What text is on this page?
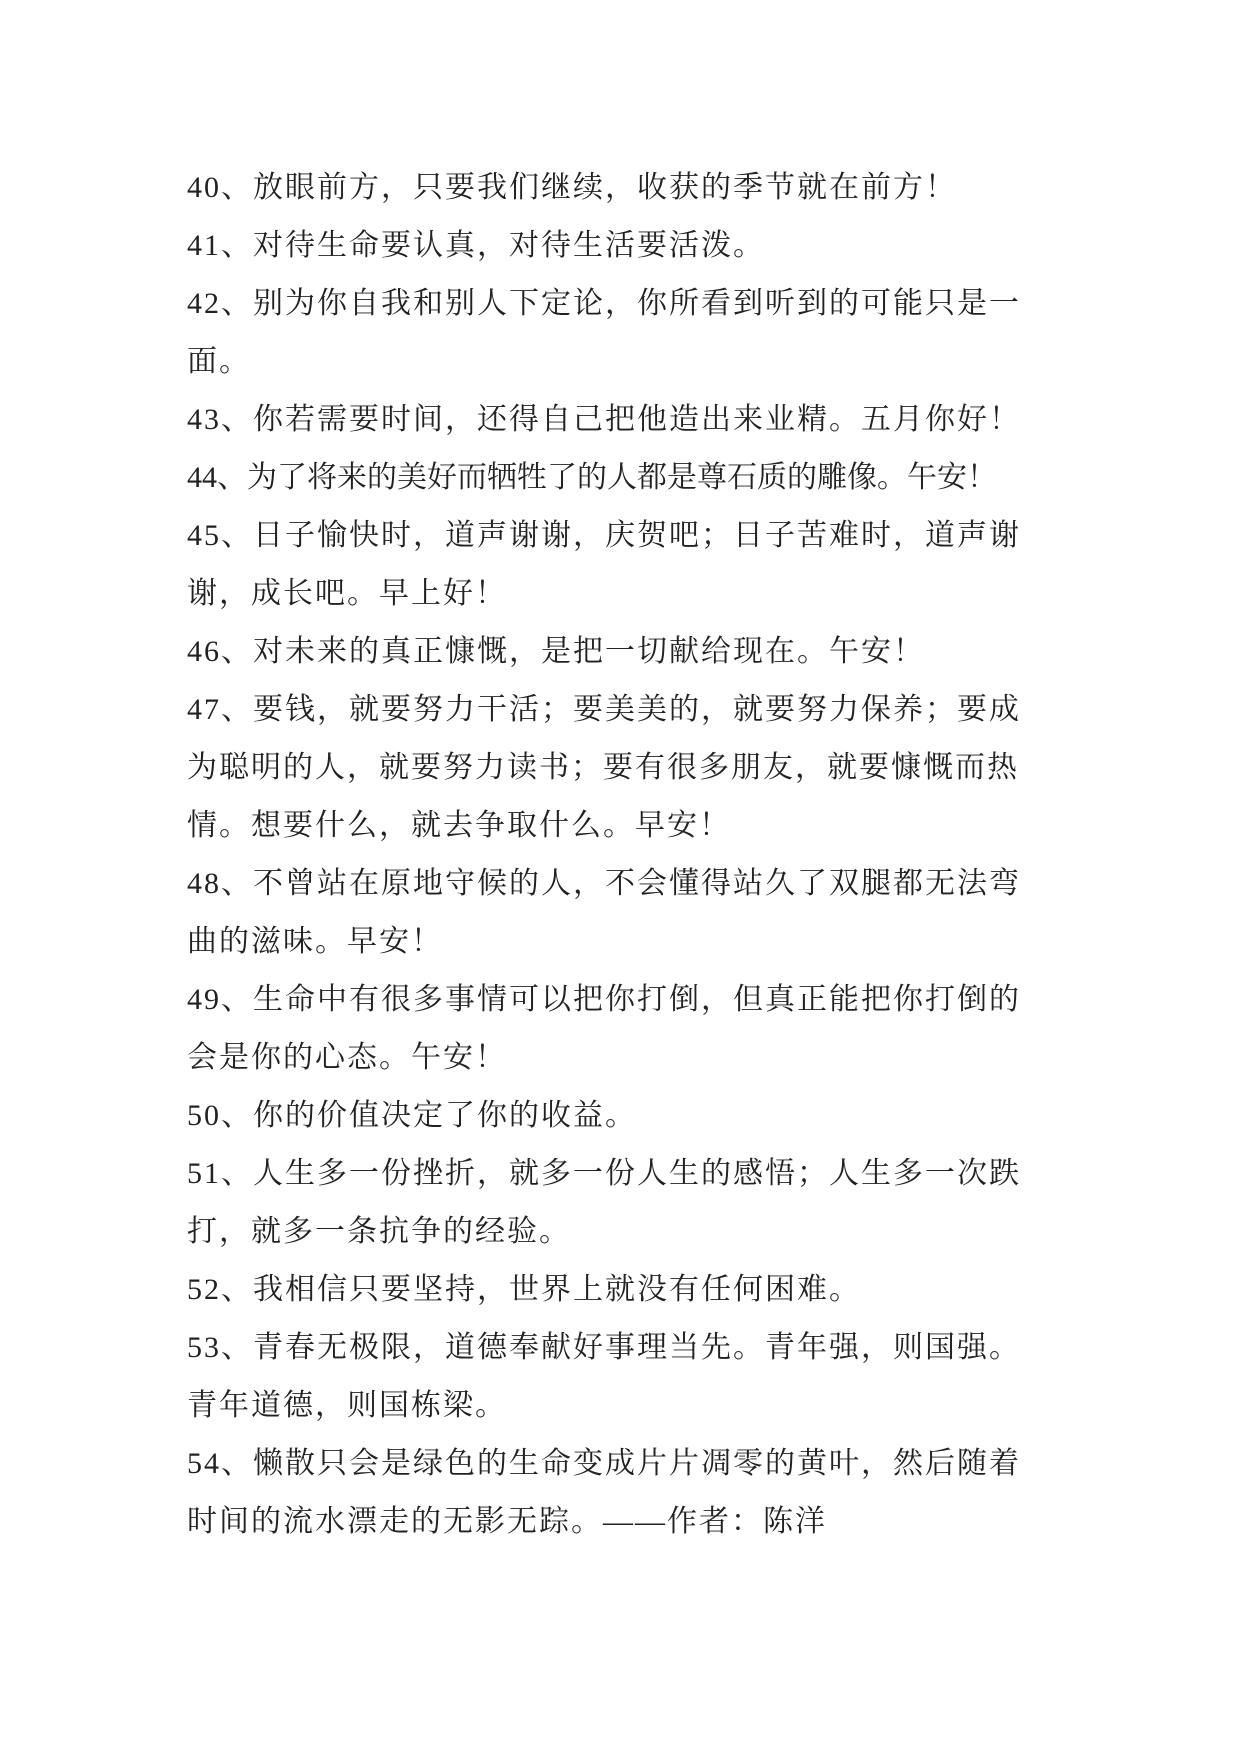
40、放眼前方，只要我们继续，收获的季节就在前方！
41、对待生命要认真，对待生活要活泼。
42、别为你自我和别人下定论，你所看到听到的可能只是一
面。
43、你若需要时间，还得自己把他造出来业精。五月你好！
44、为了将来的美好而牺牲了的人都是尊石质的雕像。午安！
45、日子愉快时，道声谢谢，庆贺吧；日子苦难时，道声谢
谢，成长吧。早上好！
46、对未来的真正慷慨，是把一切献给现在。午安！
47、要钱，就要努力干活；要美美的，就要努力保养；要成
为聪明的人，就要努力读书；要有很多朋友，就要慷慨而热
情。想要什么，就去争取什么。早安！
48、不曾站在原地守候的人，不会懂得站久了双腿都无法弯
曲的滋味。早安！
49、生命中有很多事情可以把你打倒，但真正能把你打倒的
会是你的心态。午安！
50、你的价值决定了你的收益。
51、人生多一份挫折，就多一份人生的感悟；人生多一次跌
打，就多一条抗争的经验。
52、我相信只要坚持，世界上就没有任何困难。
53、青春无极限，道德奉献好事理当先。青年强，则国强。
青年道德，则国栋梁。
54、懒散只会是绿色的生命变成片片凋零的黄叶，然后随着
时间的流水漂走的无影无踪。——作者：陈洋
